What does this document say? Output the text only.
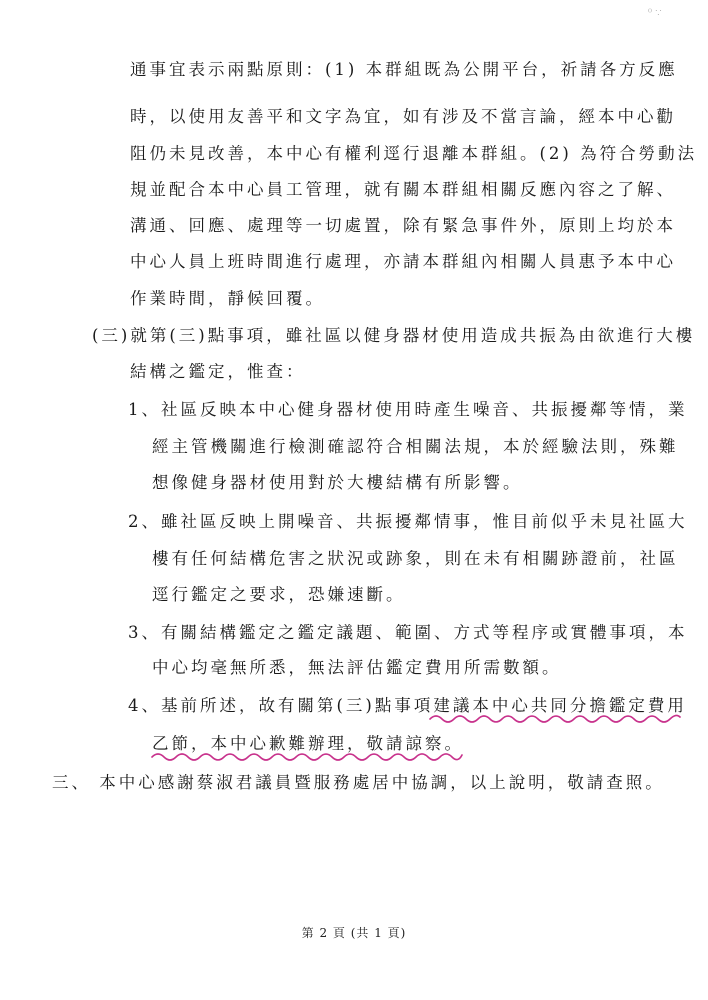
⁰ ∵
通事宜表示兩點原則：(1) 本群組既為公開平台，祈請各方反應
時，以使用友善平和文字為宜，如有涉及不當言論，經本中心勸
阻仍未見改善，本中心有權利逕行退離本群組。(2) 為符合勞動法
規並配合本中心員工管理，就有關本群組相關反應內容之了解、
溝通、回應、處理等一切處置，除有緊急事件外，原則上均於本
中心人員上班時間進行處理，亦請本群組內相關人員惠予本中心
作業時間，靜候回覆。
(三)就第(三)點事項，雖社區以健身器材使用造成共振為由欲進行大樓
結構之鑑定，惟查：
1、社區反映本中心健身器材使用時產生噪音、共振擾鄰等情，業
經主管機關進行檢測確認符合相關法規，本於經驗法則，殊難
想像健身器材使用對於大樓結構有所影響。
2、雖社區反映上開噪音、共振擾鄰情事，惟目前似乎未見社區大
樓有任何結構危害之狀況或跡象，則在未有相關跡證前，社區
逕行鑑定之要求，恐嫌速斷。
3、有關結構鑑定之鑑定議題、範圍、方式等程序或實體事項，本
中心均毫無所悉，無法評估鑑定費用所需數額。
4、基前所述，故有關第(三)點事項建議本中心共同分擔鑑定費用
乙節，本中心歉難辦理，敬請諒察。
三、 本中心感謝蔡淑君議員暨服務處居中協調，以上說明，敬請查照。
第 2 頁 (共 1 頁)
